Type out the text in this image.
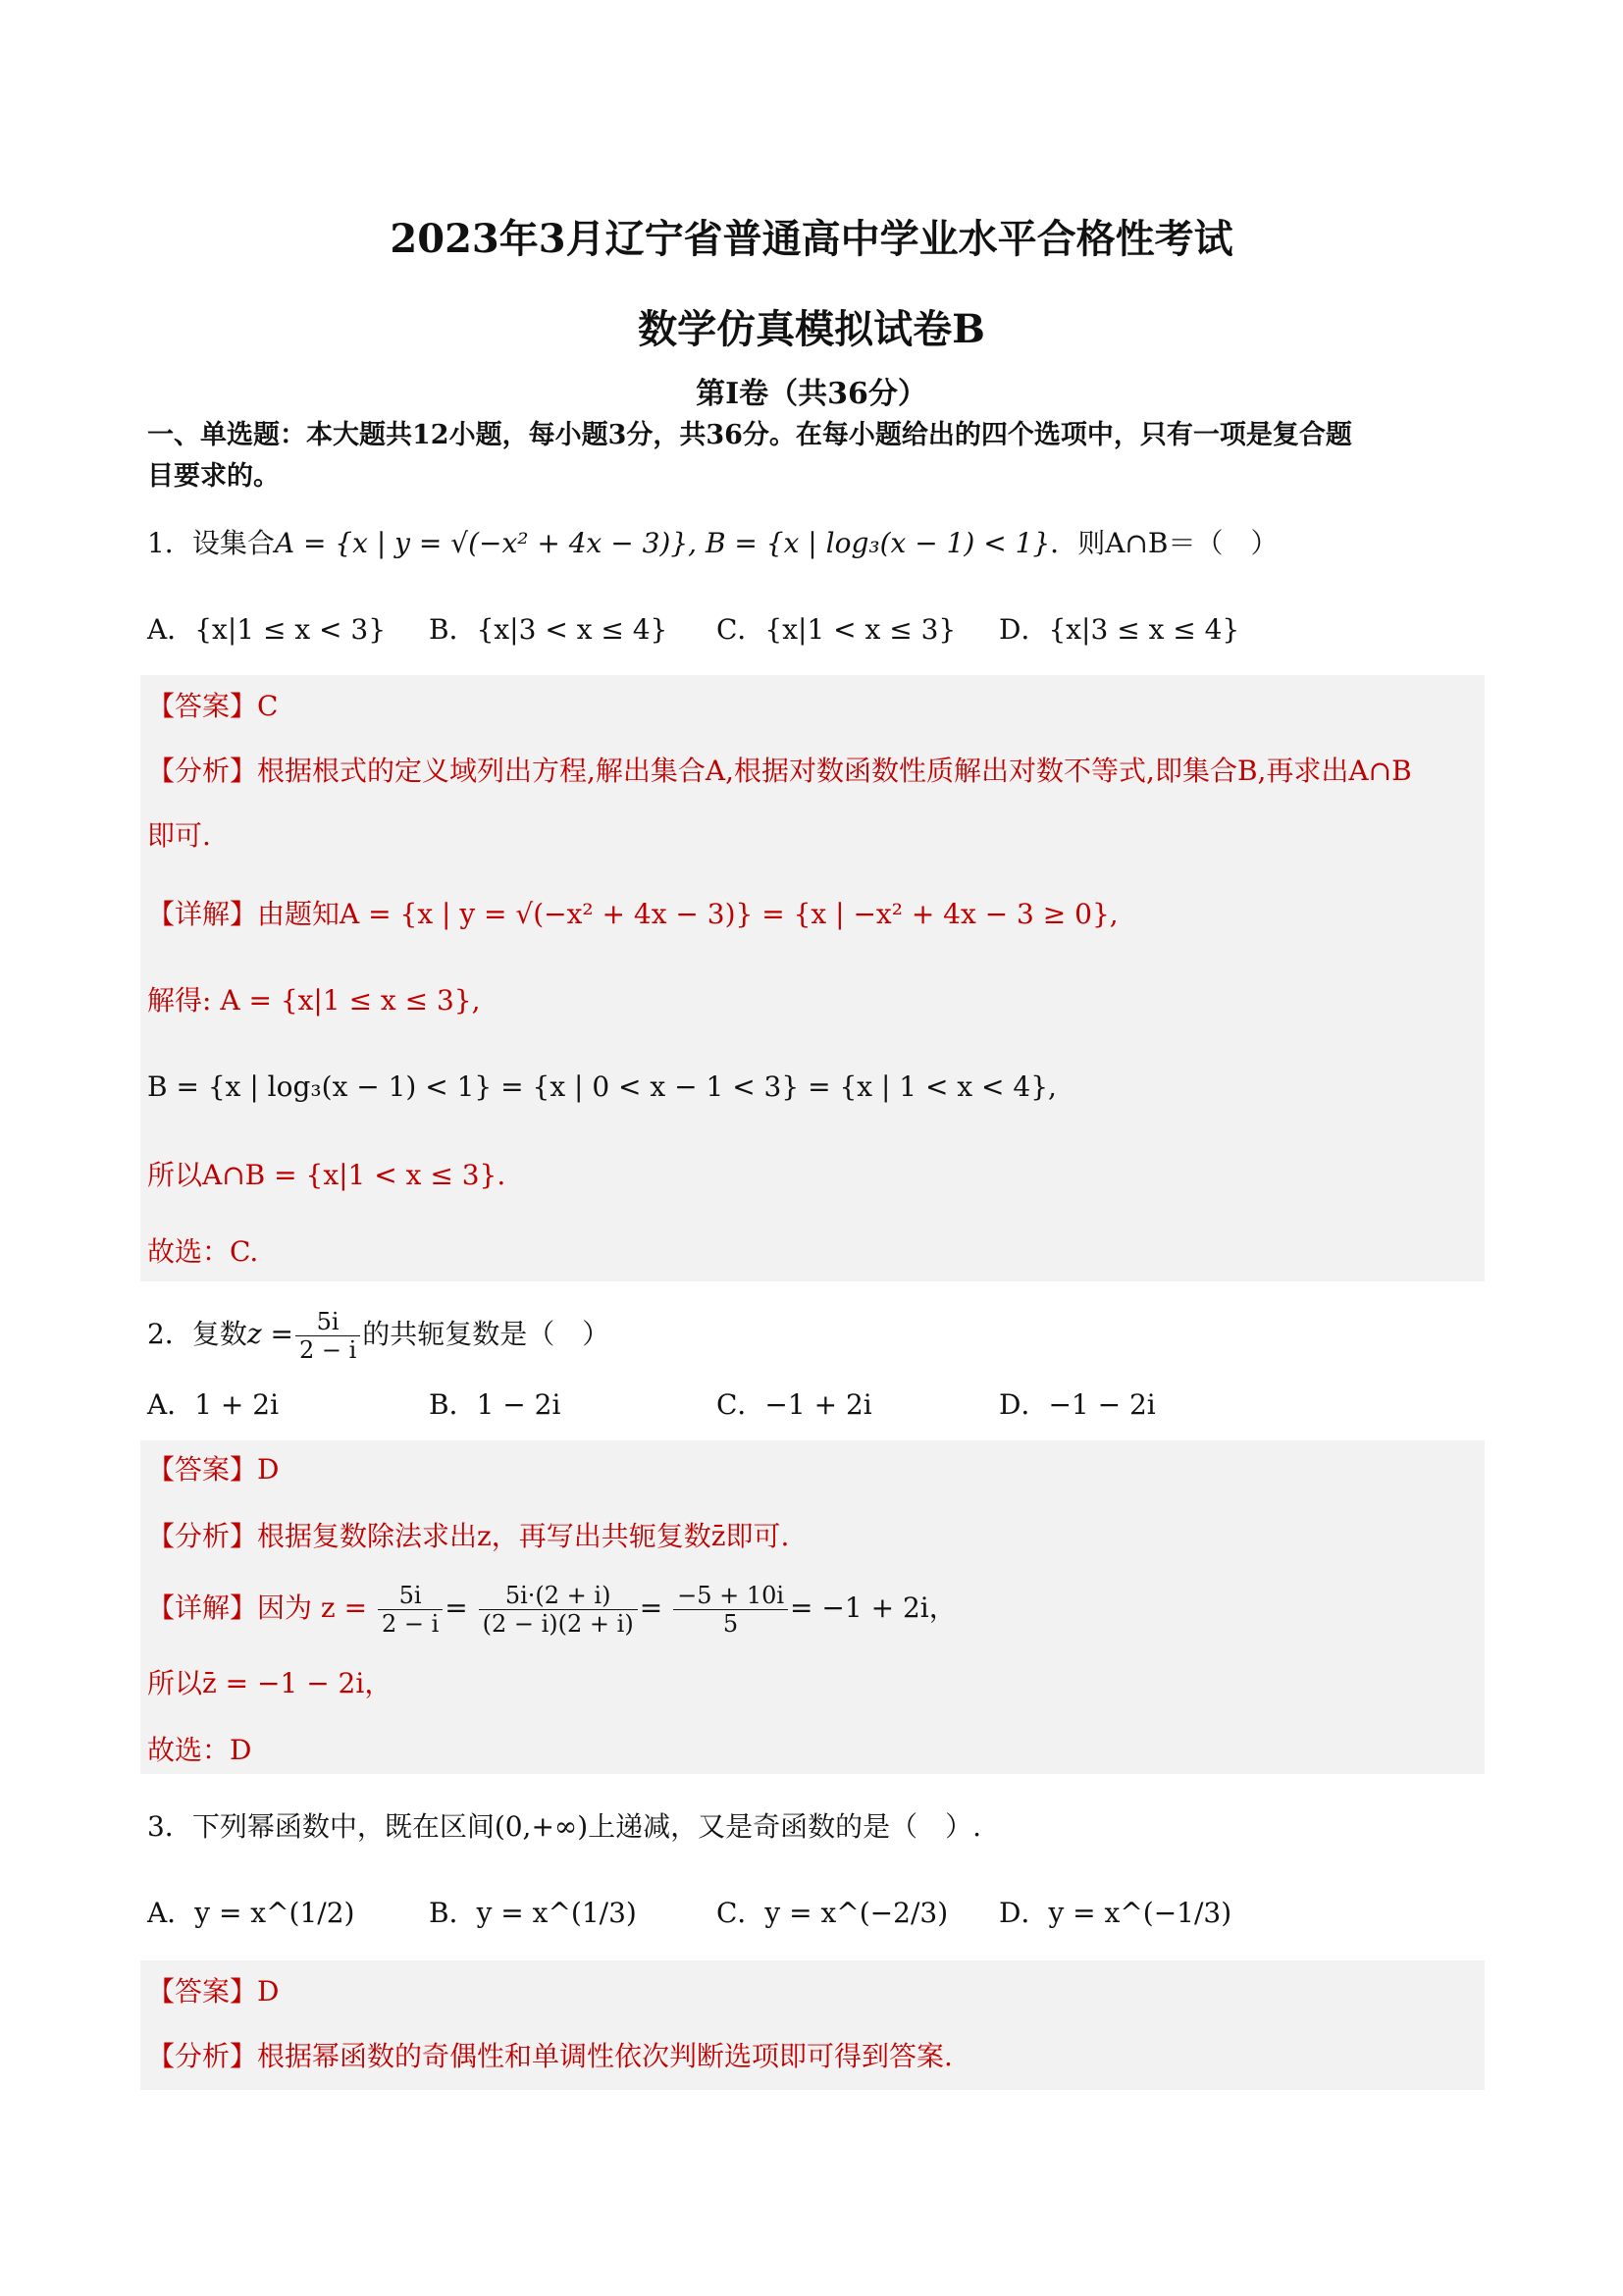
2023年3月辽宁省普通高中学业水平合格性考试
数学仿真模拟试卷B
第Ⅰ卷（共36分）
一、单选题：本大题共12小题，每小题3分，共36分。在每小题给出的四个选项中，只有一项是复合题
目要求的。
1．设集合A = {x | y = √(−x² + 4x − 3)}, B = {x | log₃(x − 1) < 1}．则A∩B＝（　）
A．{x|1 ≤ x < 3} B．{x|3 < x ≤ 4} C．{x|1 < x ≤ 3} D．{x|3 ≤ x ≤ 4}
【答案】C
【分析】根据根式的定义域列出方程,解出集合A,根据对数函数性质解出对数不等式,即集合B,再求出A∩B
即可.
【详解】由题知A = {x | y = √(−x² + 4x − 3)} = {x | −x² + 4x − 3 ≥ 0},
解得: A = {x|1 ≤ x ≤ 3},
B = {x | log₃(x − 1) < 1} = {x | 0 < x − 1 < 3} = {x | 1 < x < 4},
所以A∩B = {x|1 < x ≤ 3}.
故选：C.
2．复数$z = \frac{5i}{2 - i}$ 的共轭复数是（　）
A．1 + 2i	B．1 − 2i	C．−1 + 2i	D．−1 − 2i
【答案】D
【分析】根据复数除法求出z，再写出共轭复数z̄即可.
【详解】因为 $z = \frac{5i}{2 - i} = \frac{5i\cdot(2 + i)}{(2 - i)(2 + i)} = \frac{-5 + 10i}{5} = -1 + 2i$，
所以z̄ = −1 − 2i，
故选：D
3．下列幂函数中，既在区间(0,+∞)上递减，又是奇函数的是（　）.
A．y = x^(1/2)	B．y = x^(1/3)	C．y = x^(−2/3) D．y = x^(−1/3)
【答案】D
【分析】根据幂函数的奇偶性和单调性依次判断选项即可得到答案.
